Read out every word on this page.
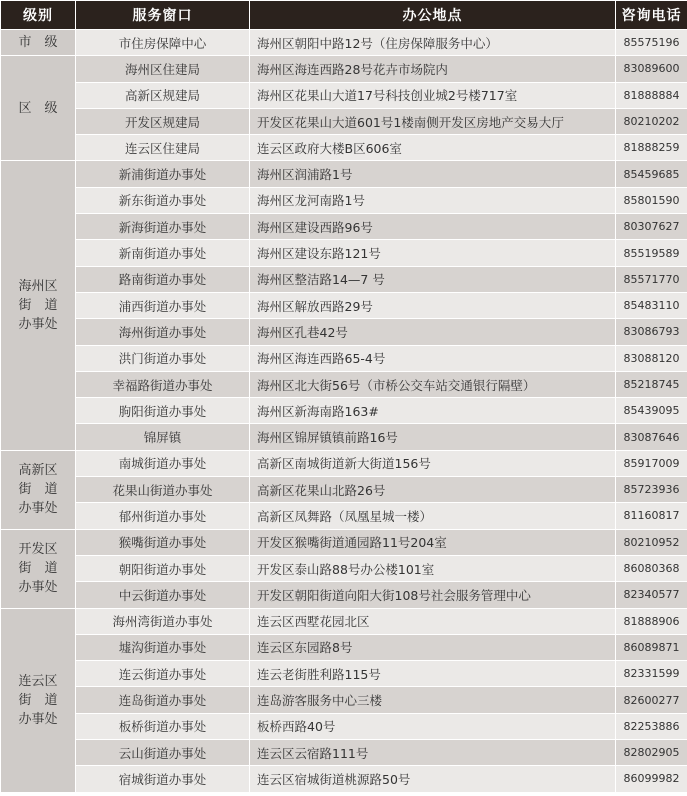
级别	服务窗口	办公地点	咨询电话

市　级	市住房保障中心	海州区朝阳中路12号（住房保障服务中心）	85575196

区　级	海州区住建局	海州区海连西路28号花卉市场院内	83089600
	高新区规建局	海州区花果山大道17号科技创业城2号楼717室	81888884
	开发区规建局	开发区花果山大道601号1楼南侧开发区房地产交易大厅	80210202
	连云区住建局	连云区政府大楼B区606室	81888259

海州区
街　道
办事处	新浦街道办事处	海州区润浦路1号	85459685
	新东街道办事处	海州区龙河南路1号	85801590
	新海街道办事处	海州区建设西路96号	80307627
	新南街道办事处	海州区建设东路121号	85519589
	路南街道办事处	海州区整洁路14—7 号	85571770
	浦西街道办事处	海州区解放西路29号	85483110
	海州街道办事处	海州区孔巷42号	83086793
	洪门街道办事处	海州区海连西路65-4号	83088120
	幸福路街道办事处	海州区北大街56号（市桥公交车站交通银行隔壁）	85218745
	朐阳街道办事处	海州区新海南路163#	85439095
	锦屏镇	海州区锦屏镇镇前路16号	83087646

高新区
街　道
办事处	南城街道办事处	高新区南城街道新大街道156号	85917009
	花果山街道办事处	高新区花果山北路26号	85723936
	郁州街道办事处	高新区凤舞路（凤凰星城一楼）	81160817

开发区
街　道
办事处	猴嘴街道办事处	开发区猴嘴街道通园路11号204室	80210952
	朝阳街道办事处	开发区泰山路88号办公楼101室	86080368
	中云街道办事处	开发区朝阳街道向阳大街108号社会服务管理中心	82340577

连云区
街　道
办事处	海州湾街道办事处	连云区西墅花园北区	81888906
	墟沟街道办事处	连云区东园路8号	86089871
	连云街道办事处	连云老街胜利路115号	82331599
	连岛街道办事处	连岛游客服务中心三楼	82600277
	板桥街道办事处	板桥西路40号	82253886
	云山街道办事处	连云区云宿路111号	82802905
	宿城街道办事处	连云区宿城街道桃源路50号	86099982
